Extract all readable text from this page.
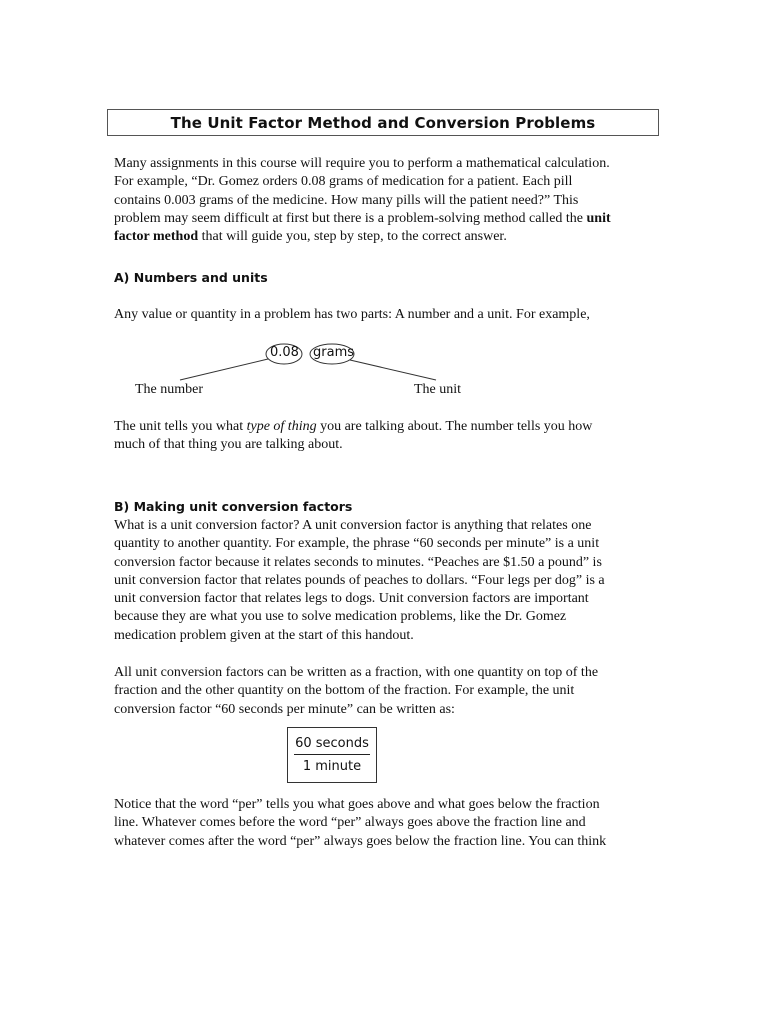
The Unit Factor Method and Conversion Problems
Many assignments in this course will require you to perform a mathematical calculation.
For example, “Dr. Gomez orders 0.08 grams of medication for a patient. Each pill
contains 0.003 grams of the medicine. How many pills will the patient need?” This
problem may seem difficult at first but there is a problem-solving method called the unit
factor method that will guide you, step by step, to the correct answer.
A) Numbers and units
Any value or quantity in a problem has two parts: A number and a unit. For example,
0.08 grams
The number	The unit
The unit tells you what type of thing you are talking about. The number tells you how
much of that thing you are talking about.
B) Making unit conversion factors
What is a unit conversion factor? A unit conversion factor is anything that relates one
quantity to another quantity. For example, the phrase “60 seconds per minute” is a unit
conversion factor because it relates seconds to minutes. “Peaches are $1.50 a pound” is
unit conversion factor that relates pounds of peaches to dollars. “Four legs per dog” is a
unit conversion factor that relates legs to dogs. Unit conversion factors are important
because they are what you use to solve medication problems, like the Dr. Gomez
medication problem given at the start of this handout.
All unit conversion factors can be written as a fraction, with one quantity on top of the
fraction and the other quantity on the bottom of the fraction. For example, the unit
conversion factor “60 seconds per minute” can be written as:
60 seconds
1 minute
Notice that the word “per” tells you what goes above and what goes below the fraction
line. Whatever comes before the word “per” always goes above the fraction line and
whatever comes after the word “per” always goes below the fraction line. You can think
